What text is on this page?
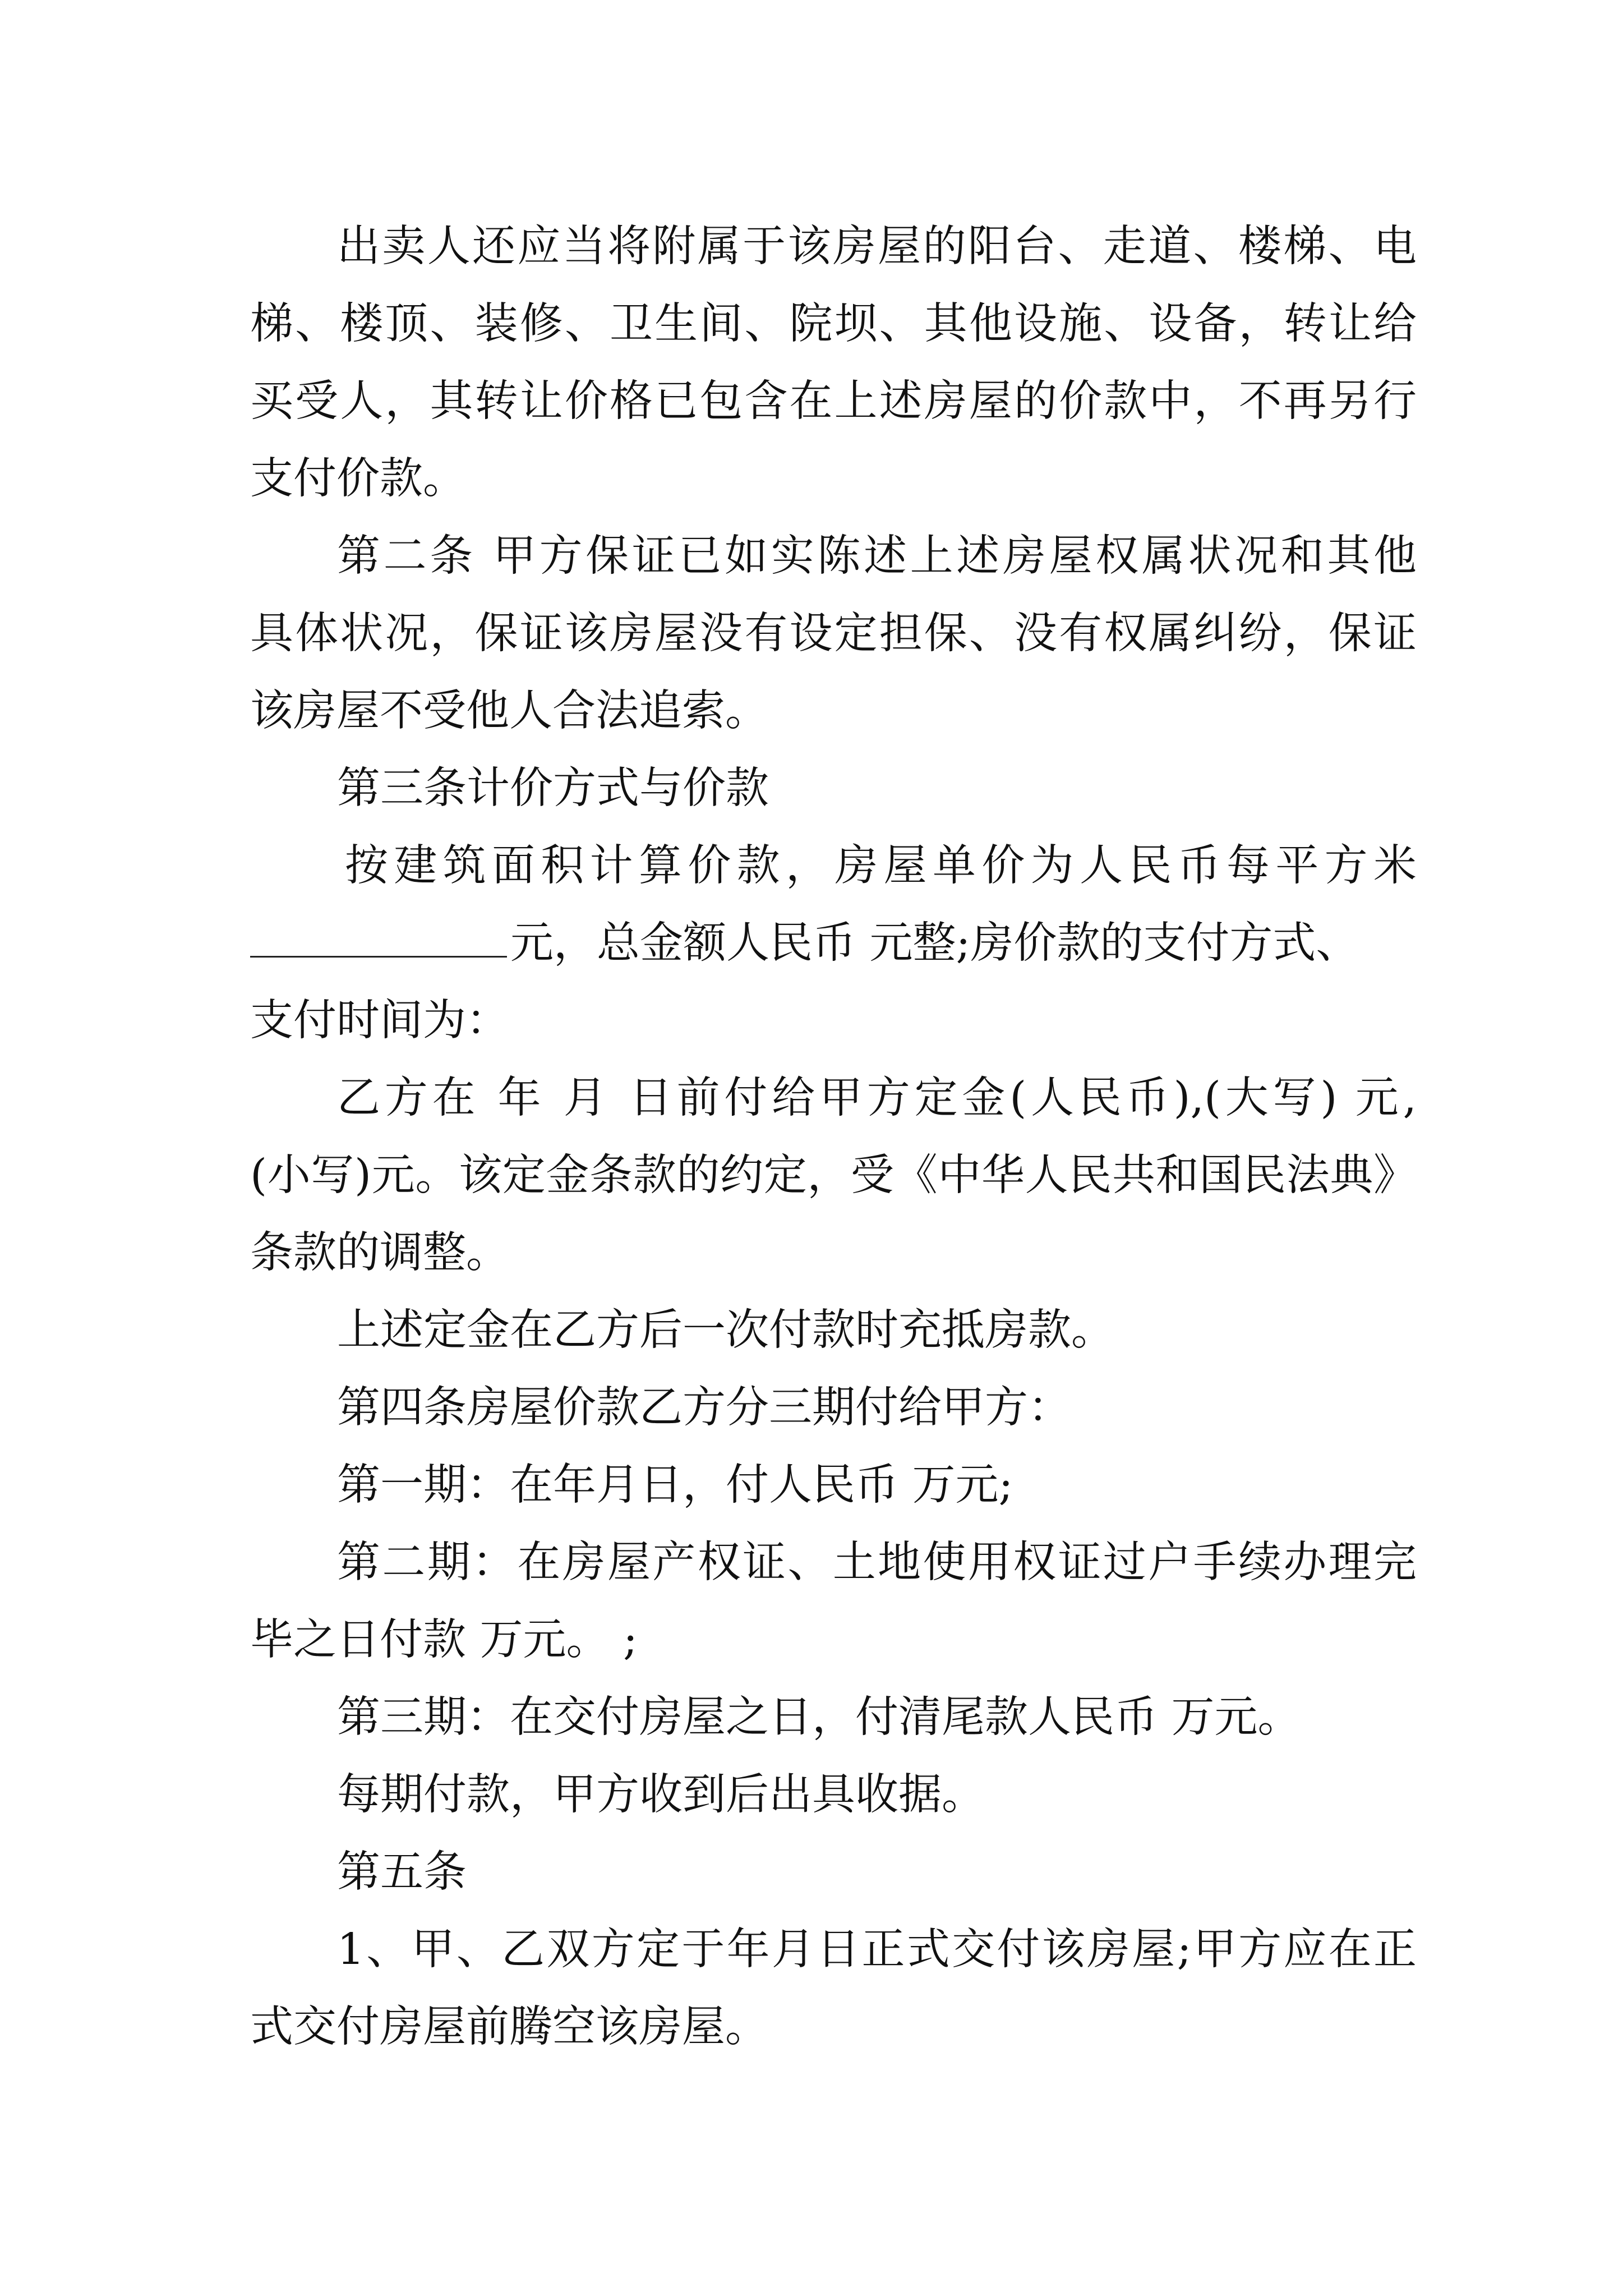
出卖人还应当将附属于该房屋的阳台、走道、楼梯、电
梯、楼顶、装修、卫生间、院坝、其他设施、设备，转让给
买受人，其转让价格已包含在上述房屋的价款中，不再另行
支付价款。
第二条 甲方保证已如实陈述上述房屋权属状况和其他
具体状况，保证该房屋没有设定担保、没有权属纠纷，保证
该房屋不受他人合法追索。
第三条计价方式与价款
按建筑面积计算价款，房屋单价为人民币每平方米
元，总金额人民币 元整;房价款的支付方式、
支付时间为：
乙方在 年 月 日前付给甲方定金(人民币),(大写) 元,
(小写)元。该定金条款的约定，受《中华人民共和国民法典》
条款的调整。
上述定金在乙方后一次付款时充抵房款。
第四条房屋价款乙方分三期付给甲方：
第一期：在年月日，付人民币 万元;
第二期：在房屋产权证、土地使用权证过户手续办理完
毕之日付款 万元。 ;
第三期：在交付房屋之日，付清尾款人民币 万元。
每期付款，甲方收到后出具收据。
第五条
1、甲、乙双方定于年月日正式交付该房屋;甲方应在正
式交付房屋前腾空该房屋。
